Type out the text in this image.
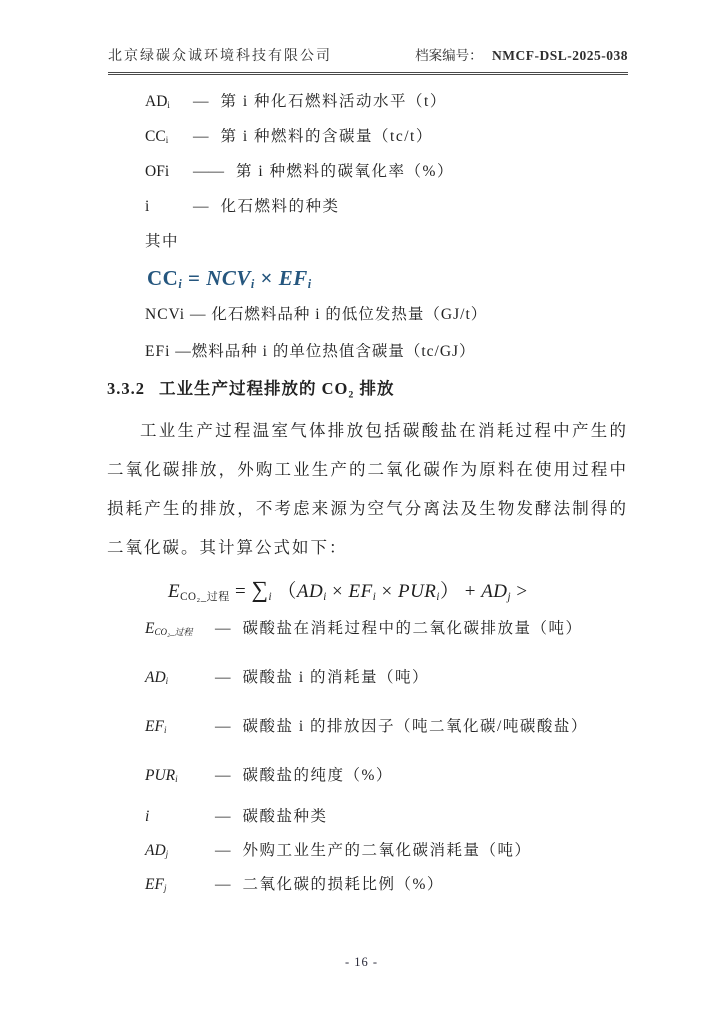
北京绿碳众诚环境科技有限公司	档案编号： NMCF-DSL-2025-038
$AD_i$	— 第 i 种化石燃料活动水平（t）
$CC_i$	— 第 i 种燃料的含碳量（tc/t）
OFi	—— 第 i 种燃料的碳氧化率（%）
i	— 化石燃料的种类
其中
$CC_i = NCV_i \times EF_i$
NCVi — 化石燃料品种 i 的低位发热量（GJ/t）
EFi —燃料品种 i 的单位热值含碳量（tc/GJ）
3.3.2 工业生产过程排放的 CO₂ 排放
工业生产过程温室气体排放包括碳酸盐在消耗过程中产生的二氧化碳排放，外购工业生产的二氧化碳作为原料在使用过程中损耗产生的排放，不考虑来源为空气分离法及生物发酵法制得的二氧化碳。其计算公式如下：
$E_{CO_2\_过程} = \sum_i$ $(AD_i \times EF_i \times PUR_i) + AD_j$ >
$E_{CO_2\_过程}$	— 碳酸盐在消耗过程中的二氧化碳排放量（吨）
$AD_i$	— 碳酸盐 i 的消耗量（吨）
$EF_i$	— 碳酸盐 i 的排放因子（吨二氧化碳/吨碳酸盐）
$PUR_i$	— 碳酸盐的纯度（%）
i	— 碳酸盐种类
$AD_j$	— 外购工业生产的二氧化碳消耗量（吨）
$EF_j$	— 二氧化碳的损耗比例（%）
- 16 -
